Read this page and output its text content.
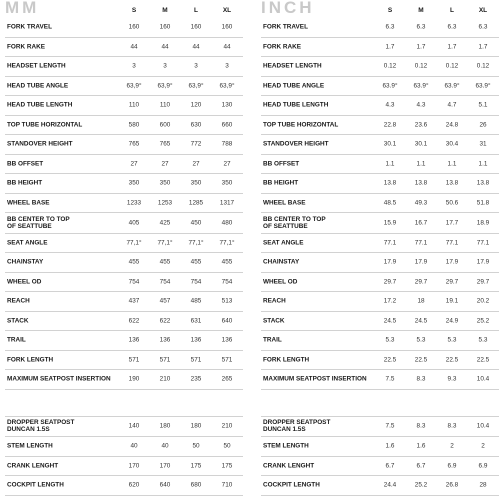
MM	S	M	L	XL
FORK TRAVEL	160	160	160	160
FORK RAKE	44	44	44	44
HEADSET LENGTH	3	3	3	3
HEAD TUBE ANGLE	63,9°	63,9°	63,9°	63,9°
HEAD TUBE LENGTH	110	110	120	130
TOP TUBE HORIZONTAL	580	600	630	660
STANDOVER HEIGHT	765	765	772	788
BB OFFSET	27	27	27	27
BB HEIGHT	350	350	350	350
WHEEL BASE	1233	1253	1285	1317
BB CENTER TO TOP
OF SEATTUBE	405	425	450	480
SEAT ANGLE	77,1°	77,1°	77,1°	77,1°
CHAINSTAY	455	455	455	455
WHEEL OD	754	754	754	754
REACH	437	457	485	513
STACK	622	622	631	640
TRAIL	136	136	136	136
FORK LENGTH	571	571	571	571
MAXIMUM SEATPOST INSERTION	190	210	235	265
DROPPER SEATPOST
DUNCAN 1.5S	140	180	180	210
STEM LENGTH	40	40	50	50
CRANK LENGHT	170	170	175	175
COCKPIT LENGTH	620	640	680	710
INCH	S	M	L	XL
FORK TRAVEL	6.3	6.3	6.3	6.3
FORK RAKE	1.7	1.7	1.7	1.7
HEADSET LENGTH	0.12	0.12	0.12	0.12
HEAD TUBE ANGLE	63.9°	63.9°	63.9°	63.9°
HEAD TUBE LENGTH	4.3	4.3	4.7	5.1
TOP TUBE HORIZONTAL	22.8	23.6	24.8	26
STANDOVER HEIGHT	30.1	30.1	30.4	31
BB OFFSET	1.1	1.1	1.1	1.1
BB HEIGHT	13.8	13.8	13.8	13.8
WHEEL BASE	48.5	49.3	50.6	51.8
BB CENTER TO TOP
OF SEATTUBE	15.9	16.7	17.7	18.9
SEAT ANGLE	77.1	77.1	77.1	77.1
CHAINSTAY	17.9	17.9	17.9	17.9
WHEEL OD	29.7	29.7	29.7	29.7
REACH	17.2	18	19.1	20.2
STACK	24.5	24.5	24.9	25.2
TRAIL	5.3	5.3	5.3	5.3
FORK LENGTH	22.5	22.5	22.5	22.5
MAXIMUM SEATPOST INSERTION	7.5	8.3	9.3	10.4
DROPPER SEATPOST
DUNCAN 1.5S	7.5	8.3	8.3	10.4
STEM LENGTH	1.6	1.6	2	2
CRANK LENGHT	6.7	6.7	6.9	6.9
COCKPIT LENGTH	24.4	25.2	26.8	28
